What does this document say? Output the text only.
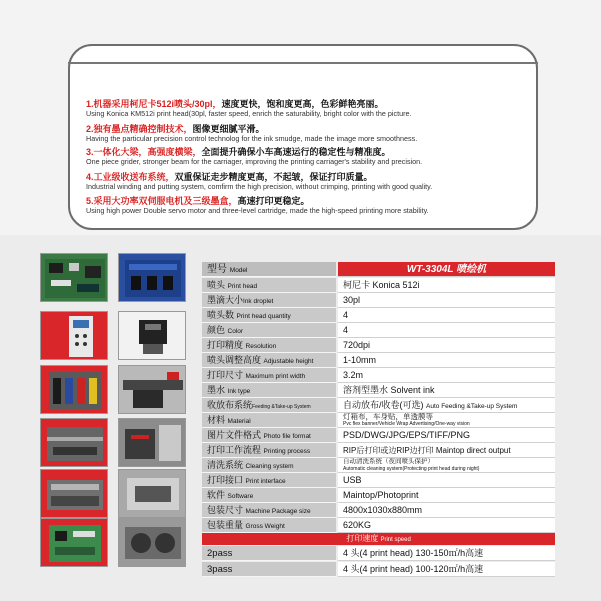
1.机器采用柯尼卡512i喷头/30pl，速度更快，饱和度更高，色彩鲜艳亮丽。
Using Konica KM512i print head(30pl, faster speed, enrich the saturability, bright color with the picture.
2.独有墨点精确控制技术，图像更细腻平滑。
Having the particular precision control technolog for the ink smudge, made the image more smoothness.
3.一体化大梁，高强度横梁，全面提升确保小车高速运行的稳定性与精准度。
One piece grider, stronger beam for the carriager, improving the printing carriager's stability and precision.
4.工业级收送布系统，双重保证走步精度更高，不起皱，保证打印质量。
Industrial winding and putting system, comfirm the high precision, without crimping, printing with good quality.
5.采用大功率双伺服电机及三级墨盒，高速打印更稳定。
Using high power Double servo motor and three-level cartridge, made the high-speed printing more stability.
型号 Model	WT-3304L 喷绘机
喷头 Print head	柯尼卡 Konica 512i
墨滴大小Ink droplet	30pl
喷头数 Print head quantity	4
颜色 Color	4
打印精度 Resolution	720dpi
喷头调整高度 Adjustable height	1-10mm
打印尺寸 Maximum print width	3.2m
墨水 Ink type	溶剂型墨水 Solvent ink
收放布系统Feeding &Take-up System	自动放布/收卷(可选) Auto Feeding &Take-up System
材料 Material
灯箱布，车身贴，单透膜等
Pvc flex banner/Vehicle Wrap Advertising/One-way vision
图片文件格式 Photo file format	PSD/DWG/JPG/EPS/TIFF/PNG
打印工作流程 Printing process	RIP后打印或边RIP边打印 Maintop direct output
清洗系统 Cleaning system
自动清洗系统（夜间喷头保护）
Automatic cleaning system(Protecting print head during night)
打印接口 Print interface	USB
软件 Software	Maintop/Photoprint
包装尺寸 Machine Package size	4800x1030x880mm
包装重量 Gross Weight	620KG
打印速度 Print speed
2pass	4 头(4 print head) 130-150㎡/h高速
3pass	4 头(4 print head) 100-120㎡/h高速
